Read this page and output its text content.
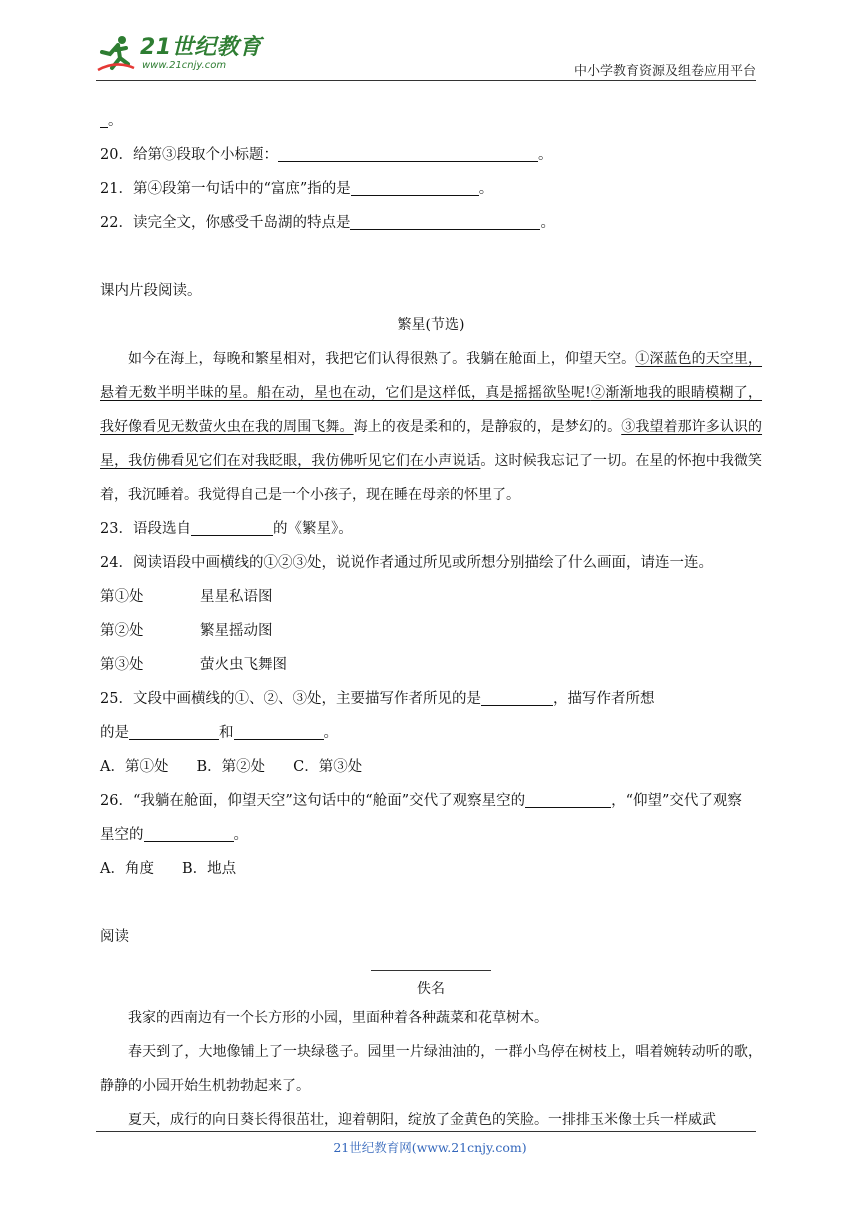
21世纪教育
www.21cnjy.com	中小学教育资源及组卷应用平台
。
20．给第③段取个小标题：	。
21．第④段第一句话中的“富庶”指的是	。
22．读完全文，你感受千岛湖的特点是	。
课内片段阅读。
繁星(节选)
如今在海上，每晚和繁星相对，我把它们认得很熟了。我躺在舱面上，仰望天空。①深蓝色的天空里，悬着无数半明半昧的星。船在动，星也在动，它们是这样低，真是摇摇欲坠呢!②渐渐地我的眼睛模糊了，我好像看见无数萤火虫在我的周围飞舞。海上的夜是柔和的，是静寂的，是梦幻的。③我望着那许多认识的星，我仿佛看见它们在对我眨眼，我仿佛听见它们在小声说话。这时候我忘记了一切。在星的怀抱中我微笑着，我沉睡着。我觉得自己是一个小孩子，现在睡在母亲的怀里了。
23．语段选自	的《繁星》。
24．阅读语段中画横线的①②③处，说说作者通过所见或所想分别描绘了什么画面，请连一连。
第①处	星星私语图
第②处	繁星摇动图
第③处	萤火虫飞舞图
25．文段中画横线的①、②、③处，主要描写作者所见的是	，描写作者所想
的是	和	。
A．第①处 B．第②处 C．第③处
26．“我躺在舱面，仰望天空”这句话中的“舱面”交代了观察星空的	，“仰望”交代了观察
星空的	。
A．角度 B．地点
阅读
佚名
我家的西南边有一个长方形的小园，里面种着各种蔬菜和花草树木。
春天到了，大地像铺上了一块绿毯子。园里一片绿油油的，一群小鸟停在树枝上，唱着婉转动听的歌，静静的小园开始生机勃勃起来了。
夏天，成行的向日葵长得很茁壮，迎着朝阳，绽放了金黄色的笑脸。一排排玉米像士兵一样威武
21世纪教育网(www.21cnjy.com)
